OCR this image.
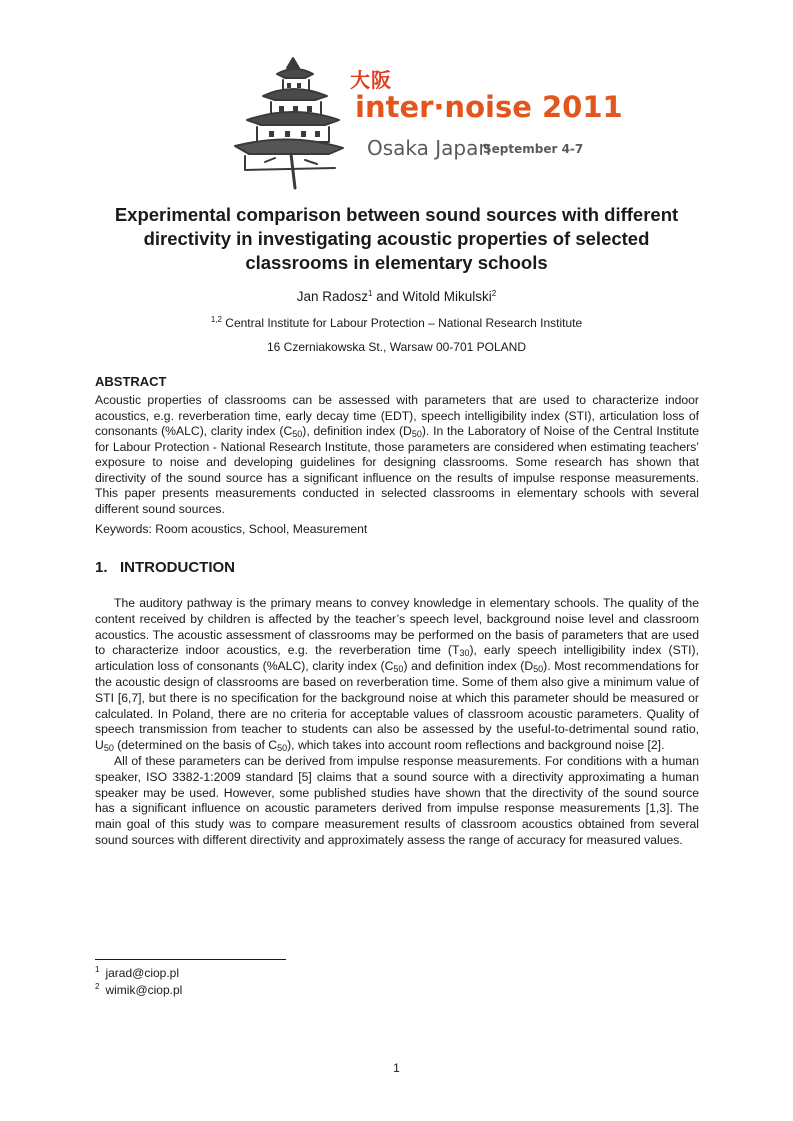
大阪
inter·noise 2011
Osaka Japan
September 4-7
Experimental comparison between sound sources with different directivity in investigating acoustic properties of selected classrooms in elementary schools
Jan Radosz$^1$ and Witold Mikulski$^2$
$^{1,2}$ Central Institute for Labour Protection – National Research Institute
16 Czerniakowska St., Warsaw 00-701 POLAND
ABSTRACT
Acoustic properties of classrooms can be assessed with parameters that are used to characterize indoor acoustics, e.g. reverberation time, early decay time (EDT), speech intelligibility index (STI), articulation loss of consonants (%ALC), clarity index $(C_{50})$, definition index $(D_{50})$. In the Laboratory of Noise of the Central Institute for Labour Protection - National Research Institute, those parameters are considered when estimating teachers’ exposure to noise and developing guidelines for designing classrooms. Some research has shown that directivity of the sound source has a significant influence on the results of impulse response measurements. This paper presents measurements conducted in selected classrooms in elementary schools with several different sound sources.
Keywords: Room acoustics, School, Measurement
1.   INTRODUCTION

The auditory pathway is the primary means to convey knowledge in elementary schools. The quality of the content received by children is affected by the teacher’s speech level, background noise level and classroom acoustics. The acoustic assessment of classrooms may be performed on the basis of parameters that are used to characterize indoor acoustics, e.g. the reverberation time $(T_{30})$, early speech intelligibility index (STI), articulation loss of consonants (%ALC), clarity index $(C_{50})$ and definition index $(D_{50})$. Most recommendations for the acoustic design of classrooms are based on reverberation time. Some of them also give a minimum value of STI [6,7], but there is no specification for the background noise at which this parameter should be measured or calculated. In Poland, there are no criteria for acceptable values of classroom acoustic parameters. Quality of speech transmission from teacher to students can also be assessed by the useful-to-detrimental sound ratio, $U_{50}$ (determined on the basis of $C_{50}$), which takes into account room reflections and background noise [2].

All of these parameters can be derived from impulse response measurements. For conditions with a human speaker, ISO 3382-1:2009 standard [5] claims that a sound source with a directivity approximating a human speaker may be used. However, some published studies have shown that the directivity of the sound source has a significant influence on acoustic parameters derived from impulse response measurements [1,3]. The main goal of this study was to compare measurement results of classroom acoustics obtained from several sound sources with different directivity and approximately assess the range of accuracy for measured values.

$^1$ jarad@ciop.pl
$^2$ wimik@ciop.pl
1
